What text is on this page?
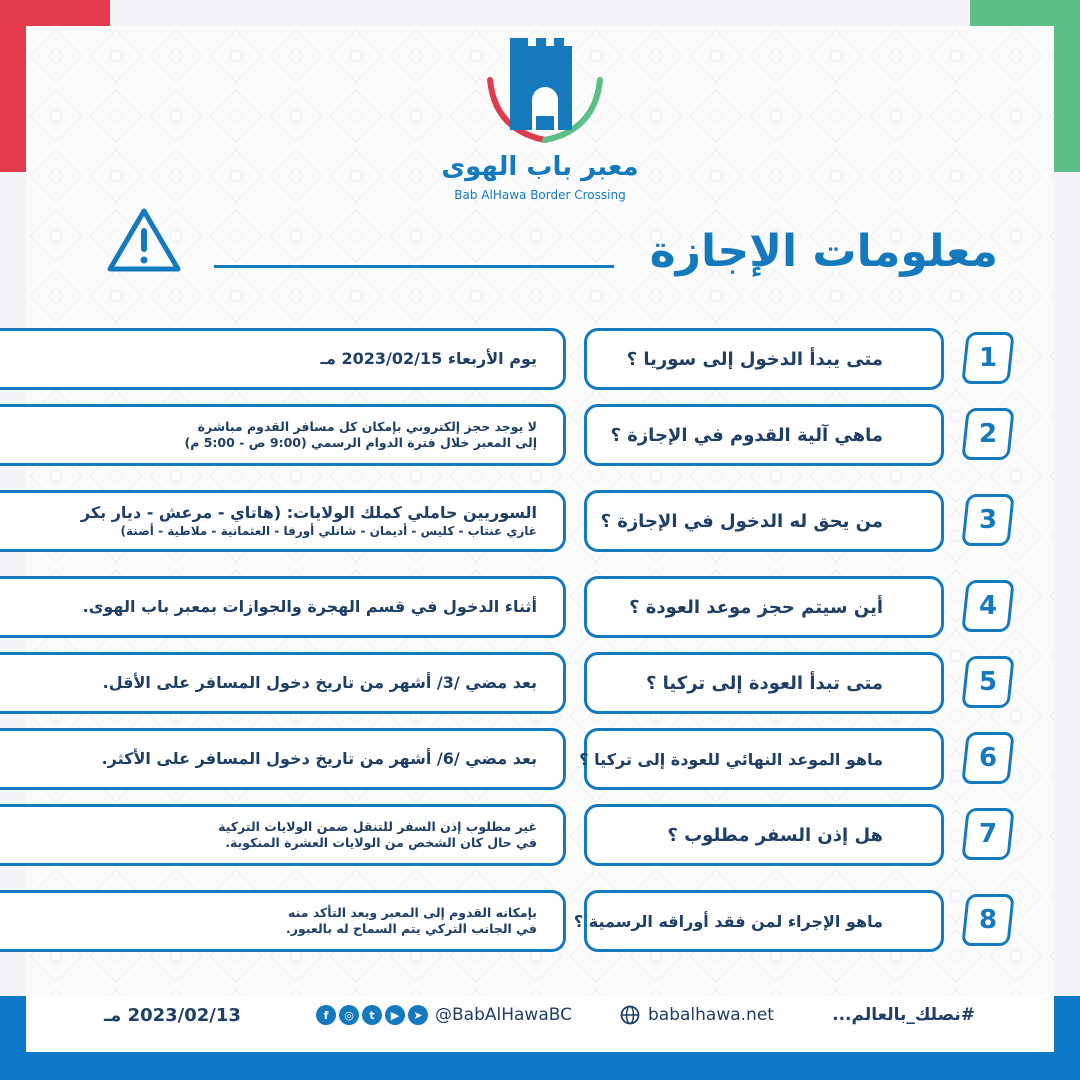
معبر باب الهوى
Bab AlHawa Border Crossing
معلومات الإجازة
يوم الأربعاء 2023/02/15 مـ	متى يبدأ الدخول إلى سوريا ؟	1
لا يوجد حجز إلكتروني بإمكان كل مسافر القدوم مباشرة
إلى المعبر خلال فترة الدوام الرسمي (9:00 ص - 5:00 م)	ماهي آلية القدوم في الإجازة ؟	2
السوريين حاملي كملك الولايات: (هاتاي - مرعش - ديار بكر
غازي عنتاب - كليس - أديمان - شانلي أورفا - العثمانية - ملاطية - أضنة)	من يحق له الدخول في الإجازة ؟	3
أثناء الدخول في قسم الهجرة والجوازات بمعبر باب الهوى.	أين سيتم حجز موعد العودة ؟	4
بعد مضي /3/ أشهر من تاريخ دخول المسافر على الأقل.	متى تبدأ العودة إلى تركيا ؟	5
بعد مضي /6/ أشهر من تاريخ دخول المسافر على الأكثر.	ماهو الموعد النهائي للعودة إلى تركيا ؟	6
غير مطلوب إذن السفر للتنقل ضمن الولايات التركية
في حال كان الشخص من الولايات العشرة المنكوبة.	هل إذن السفر مطلوب ؟	7
بإمكانه القدوم إلى المعبر وبعد التأكد منه
في الجانب التركي يتم السماح له بالعبور. ماهو الإجراء لمن فقد أوراقه الرسمية ؟	8
#نصلك_بالعالم...
babalhawa.net
f	◎	t	▶	➤ @BabAlHawaBC
2023/02/13 مـ
